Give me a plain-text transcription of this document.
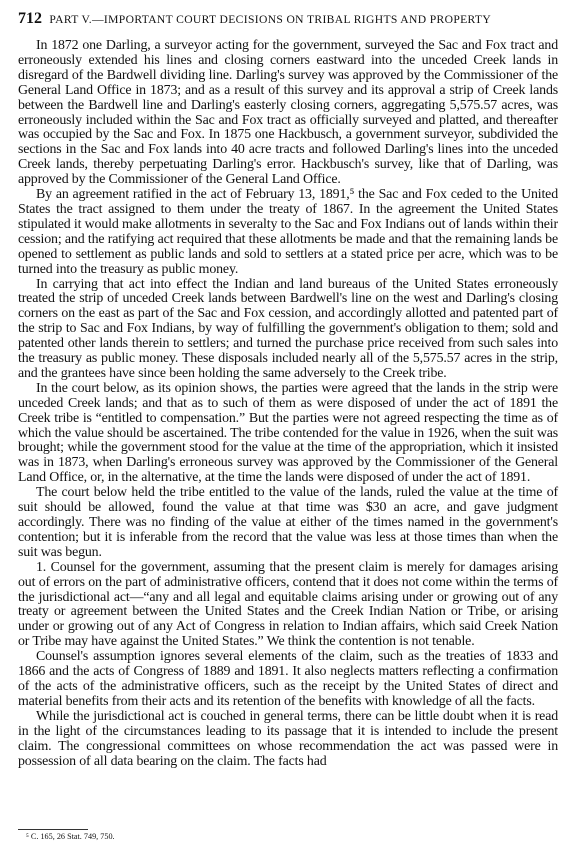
712 PART V.—IMPORTANT COURT DECISIONS ON TRIBAL RIGHTS AND PROPERTY

In 1872 one Darling, a surveyor acting for the government, surveyed the Sac and Fox tract and erroneously extended his lines and closing corners eastward into the unceded Creek lands in disregard of the Bardwell dividing line. Darling's survey was approved by the Commissioner of the General Land Office in 1873; and as a result of this survey and its approval a strip of Creek lands between the Bardwell line and Darling's easterly closing corners, aggregating 5,575.57 acres, was erroneously included within the Sac and Fox tract as officially surveyed and platted, and thereafter was occupied by the Sac and Fox. In 1875 one Hackbusch, a government surveyor, subdivided the sections in the Sac and Fox lands into 40 acre tracts and followed Darling's lines into the unceded Creek lands, thereby perpetuating Darling's error. Hackbusch's survey, like that of Darling, was approved by the Commissioner of the General Land Office.

By an agreement ratified in the act of February 13, 1891,⁵ the Sac and Fox ceded to the United States the tract assigned to them under the treaty of 1867. In the agreement the United States stipulated it would make allotments in severalty to the Sac and Fox Indians out of lands within their cession; and the ratifying act required that these allotments be made and that the remaining lands be opened to settlement as public lands and sold to settlers at a stated price per acre, which was to be turned into the treasury as public money.

In carrying that act into effect the Indian and land bureaus of the United States erroneously treated the strip of unceded Creek lands between Bardwell's line on the west and Darling's closing corners on the east as part of the Sac and Fox cession, and accordingly allotted and patented part of the strip to Sac and Fox Indians, by way of fulfilling the government's obligation to them; sold and patented other lands therein to settlers; and turned the purchase price received from such sales into the treasury as public money. These disposals included nearly all of the 5,575.57 acres in the strip, and the grantees have since been holding the same adversely to the Creek tribe.

In the court below, as its opinion shows, the parties were agreed that the lands in the strip were unceded Creek lands; and that as to such of them as were disposed of under the act of 1891 the Creek tribe is “entitled to compensation.” But the parties were not agreed respecting the time as of which the value should be ascertained. The tribe contended for the value in 1926, when the suit was brought; while the government stood for the value at the time of the appropriation, which it insisted was in 1873, when Darling's erroneous survey was approved by the Commissioner of the General Land Office, or, in the alternative, at the time the lands were disposed of under the act of 1891.

The court below held the tribe entitled to the value of the lands, ruled the value at the time of suit should be allowed, found the value at that time was $30 an acre, and gave judgment accordingly. There was no finding of the value at either of the times named in the government's contention; but it is inferable from the record that the value was less at those times than when the suit was begun.

1. Counsel for the government, assuming that the present claim is merely for damages arising out of errors on the part of administrative officers, contend that it does not come within the terms of the jurisdictional act—“any and all legal and equitable claims arising under or growing out of any treaty or agreement between the United States and the Creek Indian Nation or Tribe, or arising under or growing out of any Act of Congress in relation to Indian affairs, which said Creek Nation or Tribe may have against the United States.” We think the contention is not tenable.

Counsel's assumption ignores several elements of the claim, such as the treaties of 1833 and 1866 and the acts of Congress of 1889 and 1891. It also neglects matters reflecting a confirmation of the acts of the administrative officers, such as the receipt by the United States of direct and material benefits from their acts and its retention of the benefits with knowledge of all the facts.

While the jurisdictional act is couched in general terms, there can be little doubt when it is read in the light of the circumstances leading to its passage that it is intended to include the present claim. The congressional committees on whose recommendation the act was passed were in possession of all data bearing on the claim. The facts had

⁵ C. 165, 26 Stat. 749, 750.
